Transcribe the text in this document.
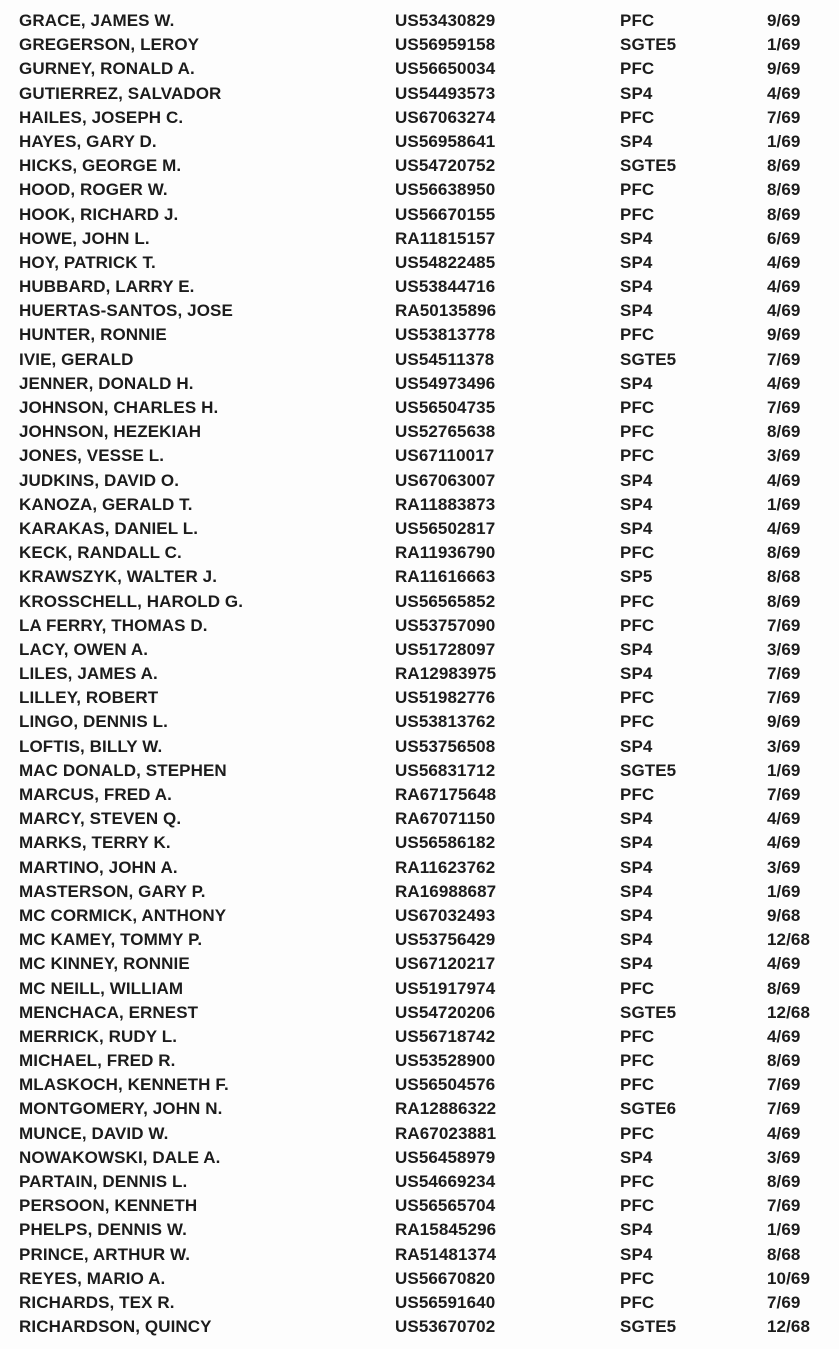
GRACE, JAMES W.	US53430829	PFC	9/69
GREGERSON, LEROY	US56959158	SGTE5	1/69
GURNEY, RONALD A.	US56650034	PFC	9/69
GUTIERREZ, SALVADOR	US54493573	SP4	4/69
HAILES, JOSEPH C.	US67063274	PFC	7/69
HAYES, GARY D.	US56958641	SP4	1/69
HICKS, GEORGE M.	US54720752	SGTE5	8/69
HOOD, ROGER W.	US56638950	PFC	8/69
HOOK, RICHARD J.	US56670155	PFC	8/69
HOWE, JOHN L.	RA11815157	SP4	6/69
HOY, PATRICK T.	US54822485	SP4	4/69
HUBBARD, LARRY E.	US53844716	SP4	4/69
HUERTAS-SANTOS, JOSE	RA50135896	SP4	4/69
HUNTER, RONNIE	US53813778	PFC	9/69
IVIE, GERALD	US54511378	SGTE5	7/69
JENNER, DONALD H.	US54973496	SP4	4/69
JOHNSON, CHARLES H.	US56504735	PFC	7/69
JOHNSON, HEZEKIAH	US52765638	PFC	8/69
JONES, VESSE L.	US67110017	PFC	3/69
JUDKINS, DAVID O.	US67063007	SP4	4/69
KANOZA, GERALD T.	RA11883873	SP4	1/69
KARAKAS, DANIEL L.	US56502817	SP4	4/69
KECK, RANDALL C.	RA11936790	PFC	8/69
KRAWSZYK, WALTER J.	RA11616663	SP5	8/68
KROSSCHELL, HAROLD G.	US56565852	PFC	8/69
LA FERRY, THOMAS D.	US53757090	PFC	7/69
LACY, OWEN A.	US51728097	SP4	3/69
LILES, JAMES A.	RA12983975	SP4	7/69
LILLEY, ROBERT	US51982776	PFC	7/69
LINGO, DENNIS L.	US53813762	PFC	9/69
LOFTIS, BILLY W.	US53756508	SP4	3/69
MAC DONALD, STEPHEN	US56831712	SGTE5	1/69
MARCUS, FRED A.	RA67175648	PFC	7/69
MARCY, STEVEN Q.	RA67071150	SP4	4/69
MARKS, TERRY K.	US56586182	SP4	4/69
MARTINO, JOHN A.	RA11623762	SP4	3/69
MASTERSON, GARY P.	RA16988687	SP4	1/69
MC CORMICK, ANTHONY	US67032493	SP4	9/68
MC KAMEY, TOMMY P.	US53756429	SP4	12/68
MC KINNEY, RONNIE	US67120217	SP4	4/69
MC NEILL, WILLIAM	US51917974	PFC	8/69
MENCHACA, ERNEST	US54720206	SGTE5	12/68
MERRICK, RUDY L.	US56718742	PFC	4/69
MICHAEL, FRED R.	US53528900	PFC	8/69
MLASKOCH, KENNETH F.	US56504576	PFC	7/69
MONTGOMERY, JOHN N.	RA12886322	SGTE6	7/69
MUNCE, DAVID W.	RA67023881	PFC	4/69
NOWAKOWSKI, DALE A.	US56458979	SP4	3/69
PARTAIN, DENNIS L.	US54669234	PFC	8/69
PERSOON, KENNETH	US56565704	PFC	7/69
PHELPS, DENNIS W.	RA15845296	SP4	1/69
PRINCE, ARTHUR W.	RA51481374	SP4	8/68
REYES, MARIO A.	US56670820	PFC	10/69
RICHARDS, TEX R.	US56591640	PFC	7/69
RICHARDSON, QUINCY	US53670702	SGTE5	12/68
